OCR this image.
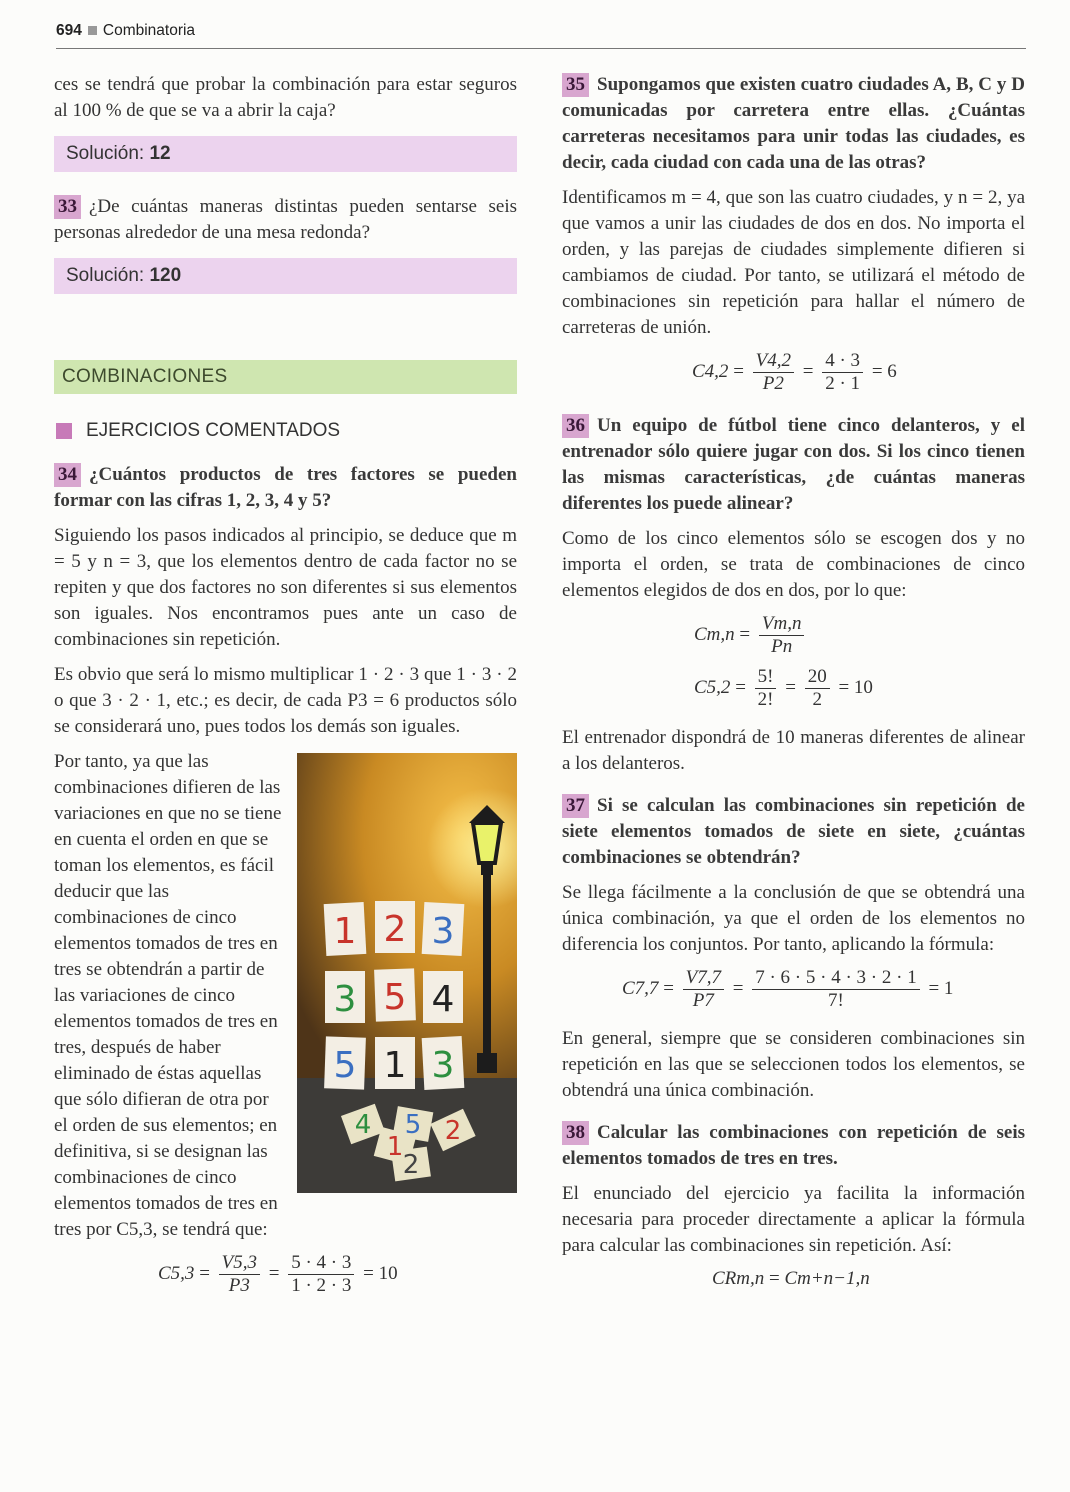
694 Combinatoria

ces se tendrá que probar la combinación para estar seguros al 100 % de que se va a abrir la caja?

Solución: 12

33 ¿De cuántas maneras distintas pueden sentarse seis personas alrededor de una mesa redonda?

Solución: 120
COMBINACIONES
EJERCICIOS COMENTADOS

34 ¿Cuántos productos de tres factores se pueden formar con las cifras 1, 2, 3, 4 y 5?

Siguiendo los pasos indicados al principio, se deduce que m = 5 y n = 3, que los elementos dentro de cada factor no se repiten y que dos factores no son diferentes si sus elementos son iguales. Nos encontramos pues ante un caso de combinaciones sin repetición.

Es obvio que será lo mismo multiplicar 1 · 2 · 3 que 1 · 3 · 2 o que 3 · 2 · 1, etc.; es decir, de cada P3 = 6 productos sólo se considerará uno, pues todos los demás son iguales.

1 2 3
3 5 4
5 1 3
4
1
5 2
2

Por tanto, ya que las combinaciones difieren de las variaciones en que no se tiene en cuenta el orden en que se toman los elementos, es fácil deducir que las combinaciones de cinco elementos tomados de tres en tres se obtendrán a partir de las variaciones de cinco elementos tomados de tres en tres, después de haber eliminado de éstas aquellas que sólo difieran de otra por el orden de sus elementos; en definitiva, si se designan las combinaciones de cinco elementos tomados de tres en tres por C5,3, se tendrá que:

$C5,3 = \frac{V5,3}{P3} = \frac{5 \cdot 4 \cdot 3}{1 \cdot 2 \cdot 3} = 10$

35 Supongamos que existen cuatro ciudades A, B, C y D comunicadas por carretera entre ellas. ¿Cuántas carreteras necesitamos para unir todas las ciudades, es decir, cada ciudad con cada una de las otras?

Identificamos m = 4, que son las cuatro ciudades, y n = 2, ya que vamos a unir las ciudades de dos en dos. No importa el orden, y las parejas de ciudades simplemente difieren si cambiamos de ciudad. Por tanto, se utilizará el método de combinaciones sin repetición para hallar el número de carreteras de unión.

$C4,2 = \frac{V4,2}{P2} = \frac{4 \cdot 3}{2 \cdot 1} = 6$

36 Un equipo de fútbol tiene cinco delanteros, y el entrenador sólo quiere jugar con dos. Si los cinco tienen las mismas características, ¿de cuántas maneras diferentes los puede alinear?

Como de los cinco elementos sólo se escogen dos y no importa el orden, se trata de combinaciones de cinco elementos elegidos de dos en dos, por lo que:

$Cm,n = \frac{Vm,n}{Pn}$
$C5,2 = \frac{5!}{2!} = \frac{20}{2} = 10$

El entrenador dispondrá de 10 maneras diferentes de alinear a los delanteros.

37 Si se calculan las combinaciones sin repetición de siete elementos tomados de siete en siete, ¿cuántas combinaciones se obtendrán?

Se llega fácilmente a la conclusión de que se obtendrá una única combinación, ya que el orden de los elementos no diferencia los conjuntos. Por tanto, aplicando la fórmula:

$C7,7 = \frac{V7,7}{P7} = \frac{7 \cdot 6 \cdot 5 \cdot 4 \cdot 3 \cdot 2 \cdot 1}{7!} = 1$

En general, siempre que se consideren combinaciones sin repetición en las que se seleccionen todos los elementos, se obtendrá una única combinación.

38 Calcular las combinaciones con repetición de seis elementos tomados de tres en tres.

El enunciado del ejercicio ya facilita la información necesaria para proceder directamente a aplicar la fórmula para calcular las combinaciones sin repetición. Así:

CRm,n = Cm+n−1,n
